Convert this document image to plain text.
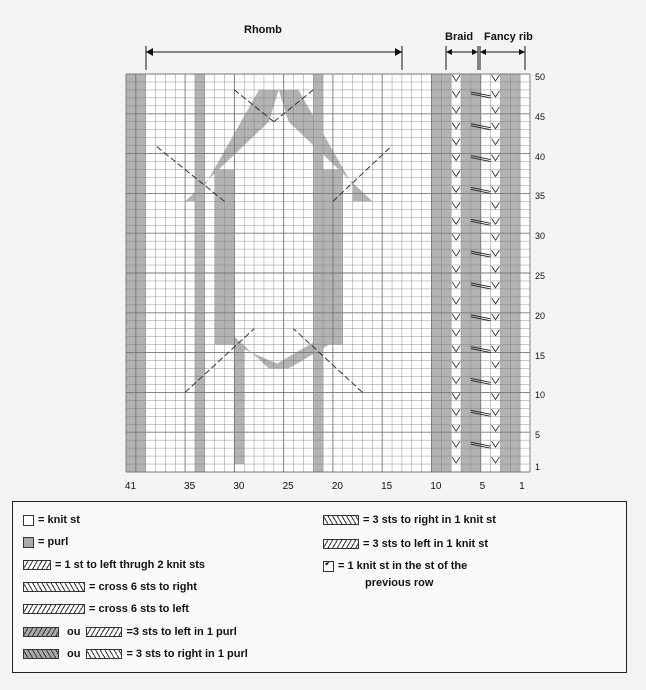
Rhomb
Braid Fancy rib
41	35	30	25	20	15	10	5	1
50
45
40
35
30
25
20
15
10
5
1
= knit st
= purl
= 1 st to left thrugh 2 knit sts
= cross 6 sts to right
= cross 6 sts to left
ou	=3 sts to left in 1 purl
ou	= 3 sts to right in 1 purl
= 3 sts to right in 1 knit st
= 3 sts to left in 1 knit st
✓
= 1 knit st in the st of the
previous row
